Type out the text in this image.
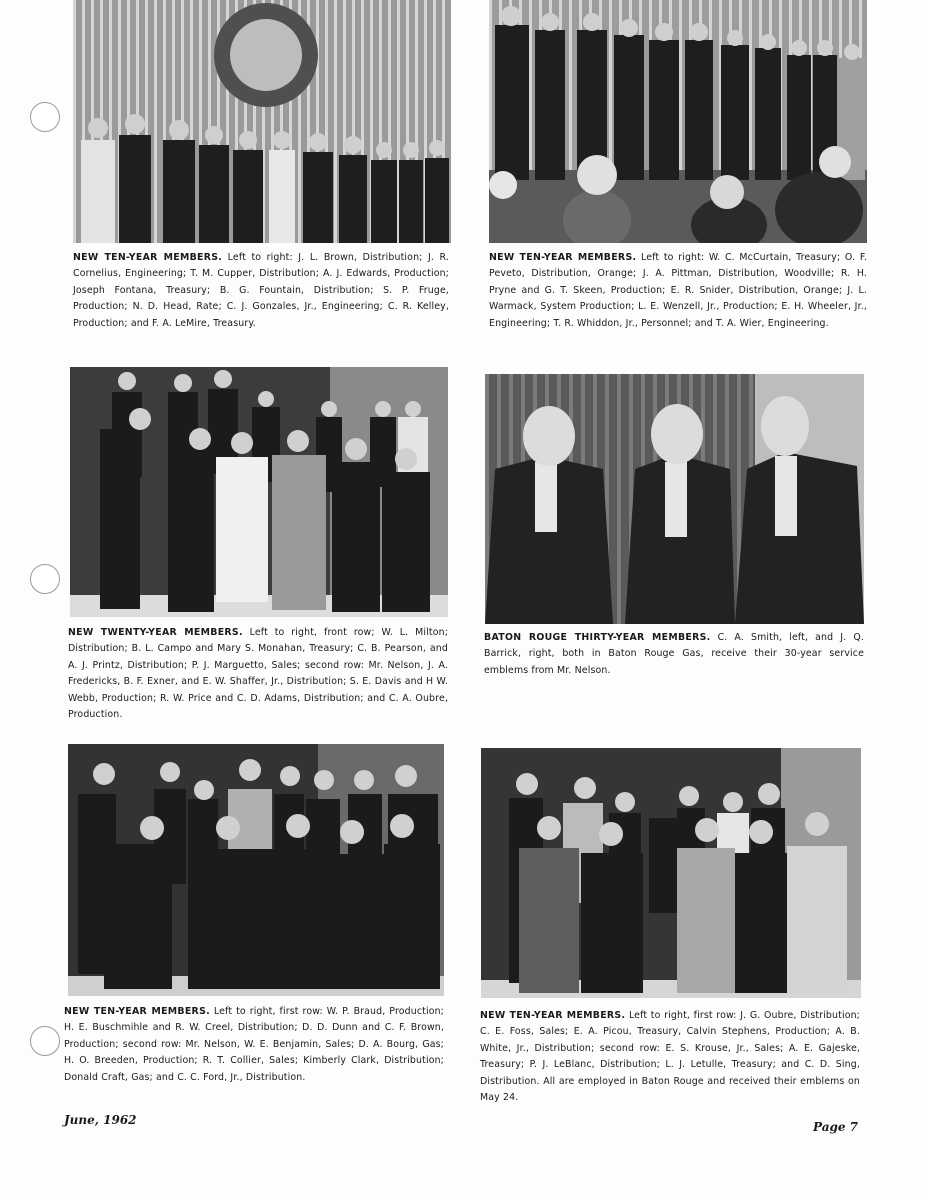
NEW TEN-YEAR MEMBERS. Left to right: J. L. Brown, Distribution; J. R. Cornelius, Engineering; T. M. Cupper, Distribution; A. J. Edwards, Production; Joseph Fontana, Treasury; B. G. Fountain, Distribution; S. P. Fruge, Production; N. D. Head, Rate; C. J. Gonzales, Jr., Engineering; C. R. Kelley, Production; and F. A. LeMire, Treasury.

NEW TEN-YEAR MEMBERS. Left to right: W. C. McCurtain, Treasury; O. F. Peveto, Distribution, Orange; J. A. Pittman, Distribution, Woodville; R. H. Pryne and G. T. Skeen, Production; E. R. Snider, Distribution, Orange; J. L. Warmack, System Production; L. E. Wenzell, Jr., Production; E. H. Wheeler, Jr., Engineering; T. R. Whiddon, Jr., Personnel; and T. A. Wier, Engineering.

NEW TWENTY-YEAR MEMBERS. Left to right, front row; W. L. Milton; Distribution; B. L. Campo and Mary S. Monahan, Treasury; C. B. Pearson, and A. J. Printz, Distribution; P. J. Marguetto, Sales; second row: Mr. Nelson, J. A. Fredericks, B. F. Exner, and E. W. Shaffer, Jr., Distribution; S. E. Davis and H W. Webb, Production; R. W. Price and C. D. Adams, Distribution; and C. A. Oubre, Production.

BATON ROUGE THIRTY-YEAR MEMBERS. C. A. Smith, left, and J. Q. Barrick, right, both in Baton Rouge Gas, receive their 30-year service emblems from Mr. Nelson.

NEW TEN-YEAR MEMBERS. Left to right, first row: W. P. Braud, Production; H. E. Buschmihle and R. W. Creel, Distribution; D. D. Dunn and C. F. Brown, Production; second row: Mr. Nelson, W. E. Benjamin, Sales; D. A. Bourg, Gas; H. O. Breeden, Production; R. T. Collier, Sales; Kimberly Clark, Distribution; Donald Craft, Gas; and C. C. Ford, Jr., Distribution.

NEW TEN-YEAR MEMBERS. Left to right, first row: J. G. Oubre, Distribution; C. E. Foss, Sales; E. A. Picou, Treasury, Calvin Stephens, Production; A. B. White, Jr., Distribution; second row: E. S. Krouse, Jr., Sales; A. E. Gajeske, Treasury; P. J. LeBlanc, Distribution; L. J. Letulle, Treasury; and C. D. Sing, Distribution. All are employed in Baton Rouge and received their emblems on May 24.

June, 1962	Page 7
